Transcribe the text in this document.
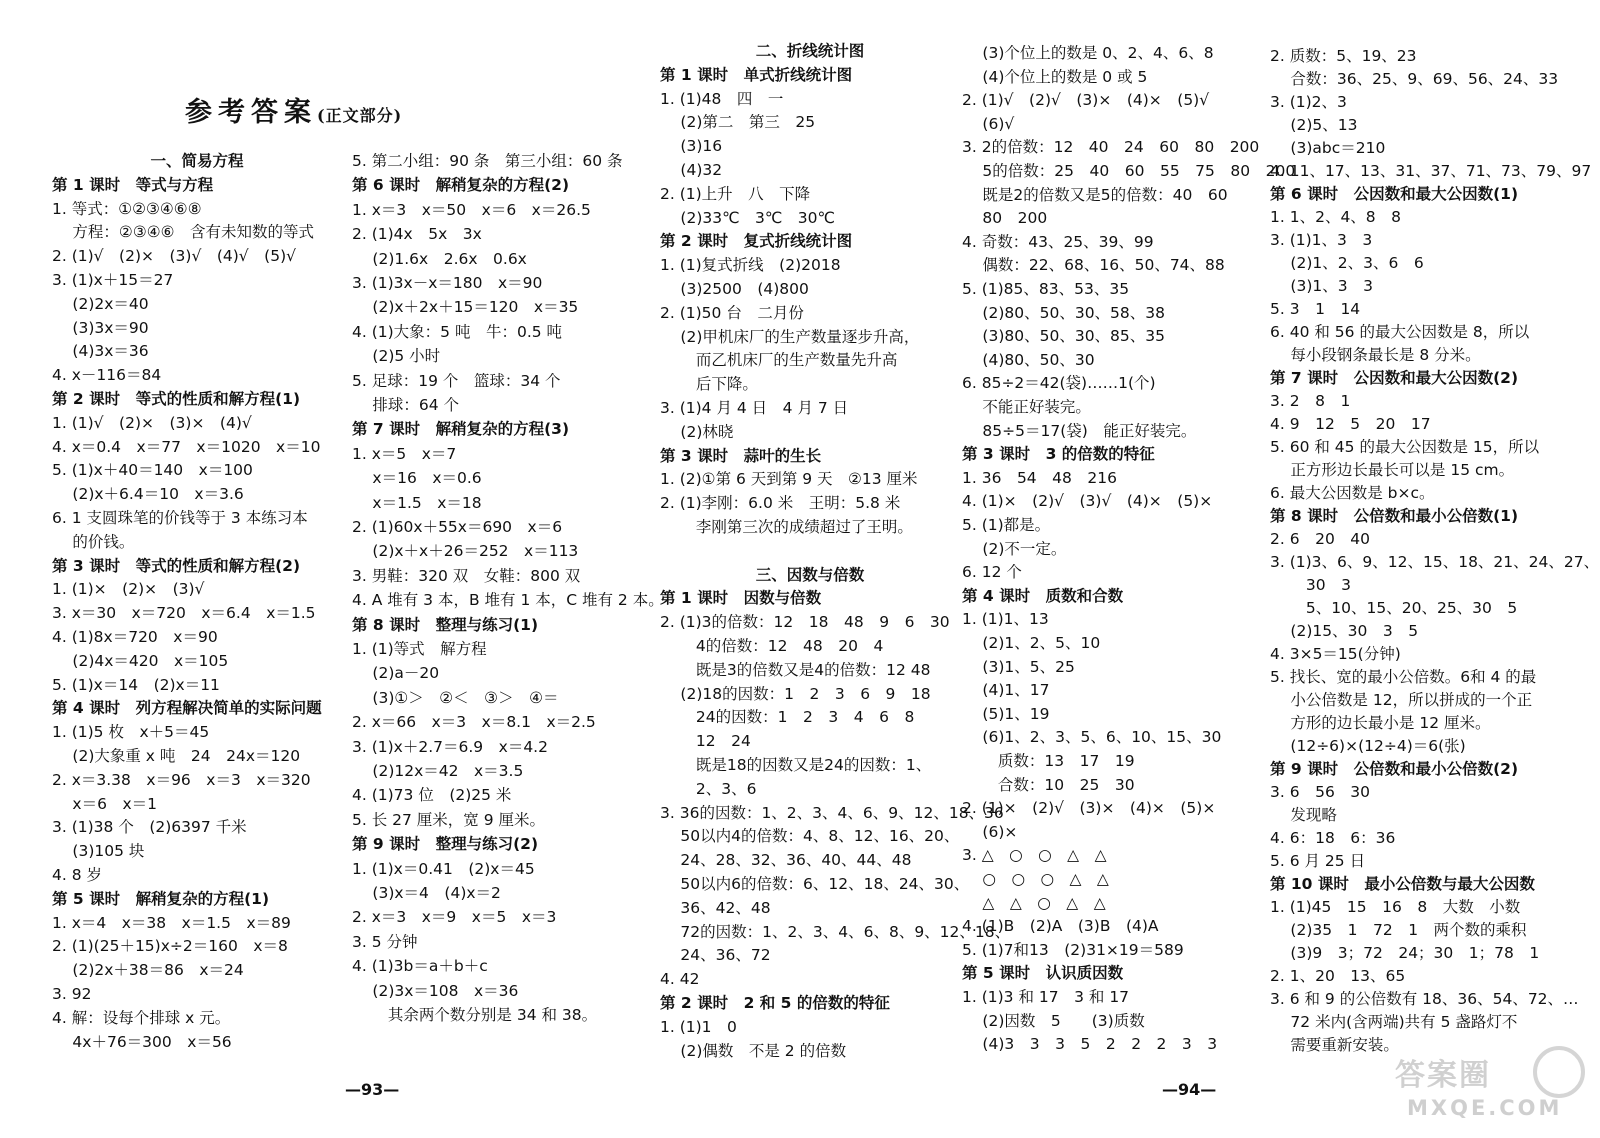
参考答案(正文部分)
一、简易方程
第 1 课时　等式与方程
1. 等式：①②③④⑥⑧
　 方程：②③④⑥　含有未知数的等式
2. (1)√　(2)×　(3)√　(4)√　(5)√
3. (1)x＋15＝27
　 (2)2x＝40
　 (3)3x＝90
　 (4)3x＝36
4. x－116＝84
第 2 课时　等式的性质和解方程(1)
1. (1)√　(2)×　(3)×　(4)√
4. x＝0.4　x＝77　x＝1020　x＝10
5. (1)x＋40＝140　x＝100
　 (2)x＋6.4＝10　x＝3.6
6. 1 支圆珠笔的价钱等于 3 本练习本
　 的价钱。
第 3 课时　等式的性质和解方程(2)
1. (1)×　(2)×　(3)√
3. x＝30　x＝720　x＝6.4　x＝1.5
4. (1)8x＝720　x＝90
　 (2)4x＝420　x＝105
5. (1)x＝14　(2)x＝11
第 4 课时　列方程解决简单的实际问题
1. (1)5 枚　x＋5＝45
　 (2)大象重 x 吨　24　24x＝120
2. x＝3.38　x＝96　x＝3　x＝320
　 x＝6　x＝1
3. (1)38 个　(2)6397 千米
　 (3)105 块
4. 8 岁
第 5 课时　解稍复杂的方程(1)
1. x＝4　x＝38　x＝1.5　x＝89
2. (1)(25＋15)x÷2＝160　x＝8
　 (2)2x＋38＝86　x＝24
3. 92
4. 解：设每个排球 x 元。
　 4x＋76＝300　x＝56
5. 第二小组：90 条　第三小组：60 条
第 6 课时　解稍复杂的方程(2)
1. x＝3　x＝50　x＝6　x＝26.5
2. (1)4x　5x　3x
　 (2)1.6x　2.6x　0.6x
3. (1)3x－x＝180　x＝90
　 (2)x＋2x＋15＝120　x＝35
4. (1)大象：5 吨　牛：0.5 吨
　 (2)5 小时
5. 足球：19 个　篮球：34 个
　 排球：64 个
第 7 课时　解稍复杂的方程(3)
1. x＝5　x＝7
　 x＝16　x＝0.6
　 x＝1.5　x＝18
2. (1)60x＋55x＝690　x＝6
　 (2)x＋x＋26＝252　x＝113
3. 男鞋：320 双　女鞋：800 双
4. A 堆有 3 本，B 堆有 1 本，C 堆有 2 本。
第 8 课时　整理与练习(1)
1. (1)等式　解方程
　 (2)a－20
　 (3)①＞　②＜　③＞　④＝
2. x＝66　x＝3　x＝8.1　x＝2.5
3. (1)x＋2.7＝6.9　x＝4.2
　 (2)12x＝42　x＝3.5
4. (1)73 位　(2)25 米
5. 长 27 厘米，宽 9 厘米。
第 9 课时　整理与练习(2)
1. (1)x＝0.41　(2)x＝45
　 (3)x＝4　(4)x＝2
2. x＝3　x＝9　x＝5　x＝3
3. 5 分钟
4. (1)3b＝a＋b＋c
　 (2)3x＝108　x＝36
　　 其余两个数分别是 34 和 38。
—93—
二、折线统计图
第 1 课时　单式折线统计图
1. (1)48　四　一
　 (2)第二　第三　25
　 (3)16
　 (4)32
2. (1)上升　八　下降
　 (2)33℃　3℃　30℃
第 2 课时　复式折线统计图
1. (1)复式折线　(2)2018
　 (3)2500　(4)800
2. (1)50 台　二月份
　 (2)甲机床厂的生产数量逐步升高，
　　 而乙机床厂的生产数量先升高
　　 后下降。
3. (1)4 月 4 日　4 月 7 日
　 (2)林晓
第 3 课时　蒜叶的生长
1. (2)①第 6 天到第 9 天　②13 厘米
2. (1)李刚：6.0 米　王明：5.8 米
　　 李刚第三次的成绩超过了王明。
三、因数与倍数
第 1 课时　因数与倍数
2. (1)3的倍数：12　18　48　9　6　30
　　 4的倍数：12　48　20　4
　　 既是3的倍数又是4的倍数：12 48
　 (2)18的因数：1　2　3　6　9　18
　　 24的因数：1　2　3　4　6　8
　　 12　24
　　 既是18的因数又是24的因数：1、
　　 2、3、6
3. 36的因数：1、2、3、4、6、9、12、18、36
　 50以内4的倍数：4、8、12、16、20、
　 24、28、32、36、40、44、48
　 50以内6的倍数：6、12、18、24、30、
　 36、42、48
　 72的因数：1、2、3、4、6、8、9、12、18、
　 24、36、72
4. 42
第 2 课时　2 和 5 的倍数的特征
1. (1)1　0
　 (2)偶数　不是 2 的倍数
　 (3)个位上的数是 0、2、4、6、8
　 (4)个位上的数是 0 或 5
2. (1)√　(2)√　(3)×　(4)×　(5)√
　 (6)√
3. 2的倍数：12　40　24　60　80　200
　 5的倍数：25　40　60　55　75　80　200
　 既是2的倍数又是5的倍数：40　60
　 80　200
4. 奇数：43、25、39、99
　 偶数：22、68、16、50、74、88
5. (1)85、83、53、35
　 (2)80、50、30、58、38
　 (3)80、50、30、85、35
　 (4)80、50、30
6. 85÷2＝42(袋)……1(个)
　 不能正好装完。
　 85÷5＝17(袋)　能正好装完。
第 3 课时　3 的倍数的特征
1. 36　54　48　216
4. (1)×　(2)√　(3)√　(4)×　(5)×
5. (1)都是。
　 (2)不一定。
6. 12 个
第 4 课时　质数和合数
1. (1)1、13
　 (2)1、2、5、10
　 (3)1、5、25
　 (4)1、17
　 (5)1、19
　 (6)1、2、3、5、6、10、15、30
　　 质数：13　17　19
　　 合数：10　25　30
2. (1)×　(2)√　(3)×　(4)×　(5)×
　 (6)×
3. △　○　○　△　△
　 ○　○　○　△　△
　 △　△　○　△　△
4. (1)B　(2)A　(3)B　(4)A
5. (1)7和13　(2)31×19＝589
第 5 课时　认识质因数
1. (1)3 和 17　3 和 17
　 (2)因数　5　　(3)质数
　 (4)3　3　3　5　2　2　2　3　3
2. 质数：5、19、23
　 合数：36、25、9、69、56、24、33
3. (1)2、3
　 (2)5、13
　 (3)abc＝210
4. 11、17、13、31、37、71、73、79、97
第 6 课时　公因数和最大公因数(1)
1. 1、2、4、8　8
3. (1)1、3　3
　 (2)1、2、3、6　6
　 (3)1、3　3
5. 3　1　14
6. 40 和 56 的最大公因数是 8，所以
　 每小段钢条最长是 8 分米。
第 7 课时　公因数和最大公因数(2)
3. 2　8　1
4. 9　12　5　20　17
5. 60 和 45 的最大公因数是 15，所以
　 正方形边长最长可以是 15 cm。
6. 最大公因数是 b×c。
第 8 课时　公倍数和最小公倍数(1)
2. 6　20　40
3. (1)3、6、9、12、15、18、21、24、27、
　　 30　3
　　 5、10、15、20、25、30　5
　 (2)15、30　3　5
4. 3×5＝15(分钟)
5. 找长、宽的最小公倍数。6和 4 的最
　 小公倍数是 12，所以拼成的一个正
　 方形的边长最小是 12 厘米。
　 (12÷6)×(12÷4)＝6(张)
第 9 课时　公倍数和最小公倍数(2)
3. 6　56　30
　 发现略
4. 6：18　6：36
5. 6 月 25 日
第 10 课时　最小公倍数与最大公因数
1. (1)45　15　16　8　大数　小数
　 (2)35　1　72　1　两个数的乘积
　 (3)9　3；72　24；30　1；78　1
2. 1、20　13、65
3. 6 和 9 的公倍数有 18、36、54、72、…
　 72 米内(含两端)共有 5 盏路灯不
　 需要重新安装。
—94—	答案圈
MXQE.COM
